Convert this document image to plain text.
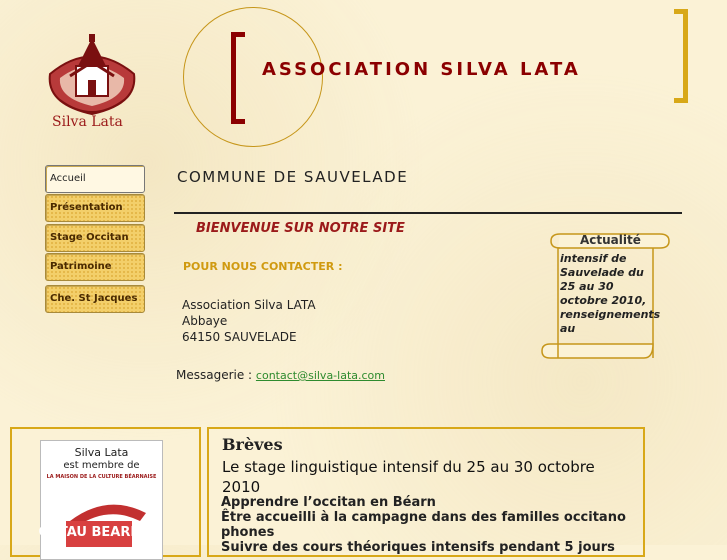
Silva Lata
ASSOCIATION SILVA LATA
Accueil
Présentation
Stage Occitan
Patrimoine
Che. St Jacques
COMMUNE DE SAUVELADE
BIENVENUE SUR NOTRE SITE
POUR NOUS CONTACTER :
Association Silva LATA
Abbaye
64150 SAUVELADE
Messagerie : contact@silva-lata.com
Actualité
intensif de Sauvelade du 25 au 30 octobre 2010, renseignements au
Silva Lata
est membre de
LA MAISON DE LA CULTURE BÉARNAISE
OSTAU BEARNES
Brèves
Le stage linguistique intensif du 25 au 30 octobre 2010
Apprendre l’occitan en Béarn
Être accueilli à la campagne dans des familles occitano phones
Suivre des cours théoriques intensifs pendant 5 jours
